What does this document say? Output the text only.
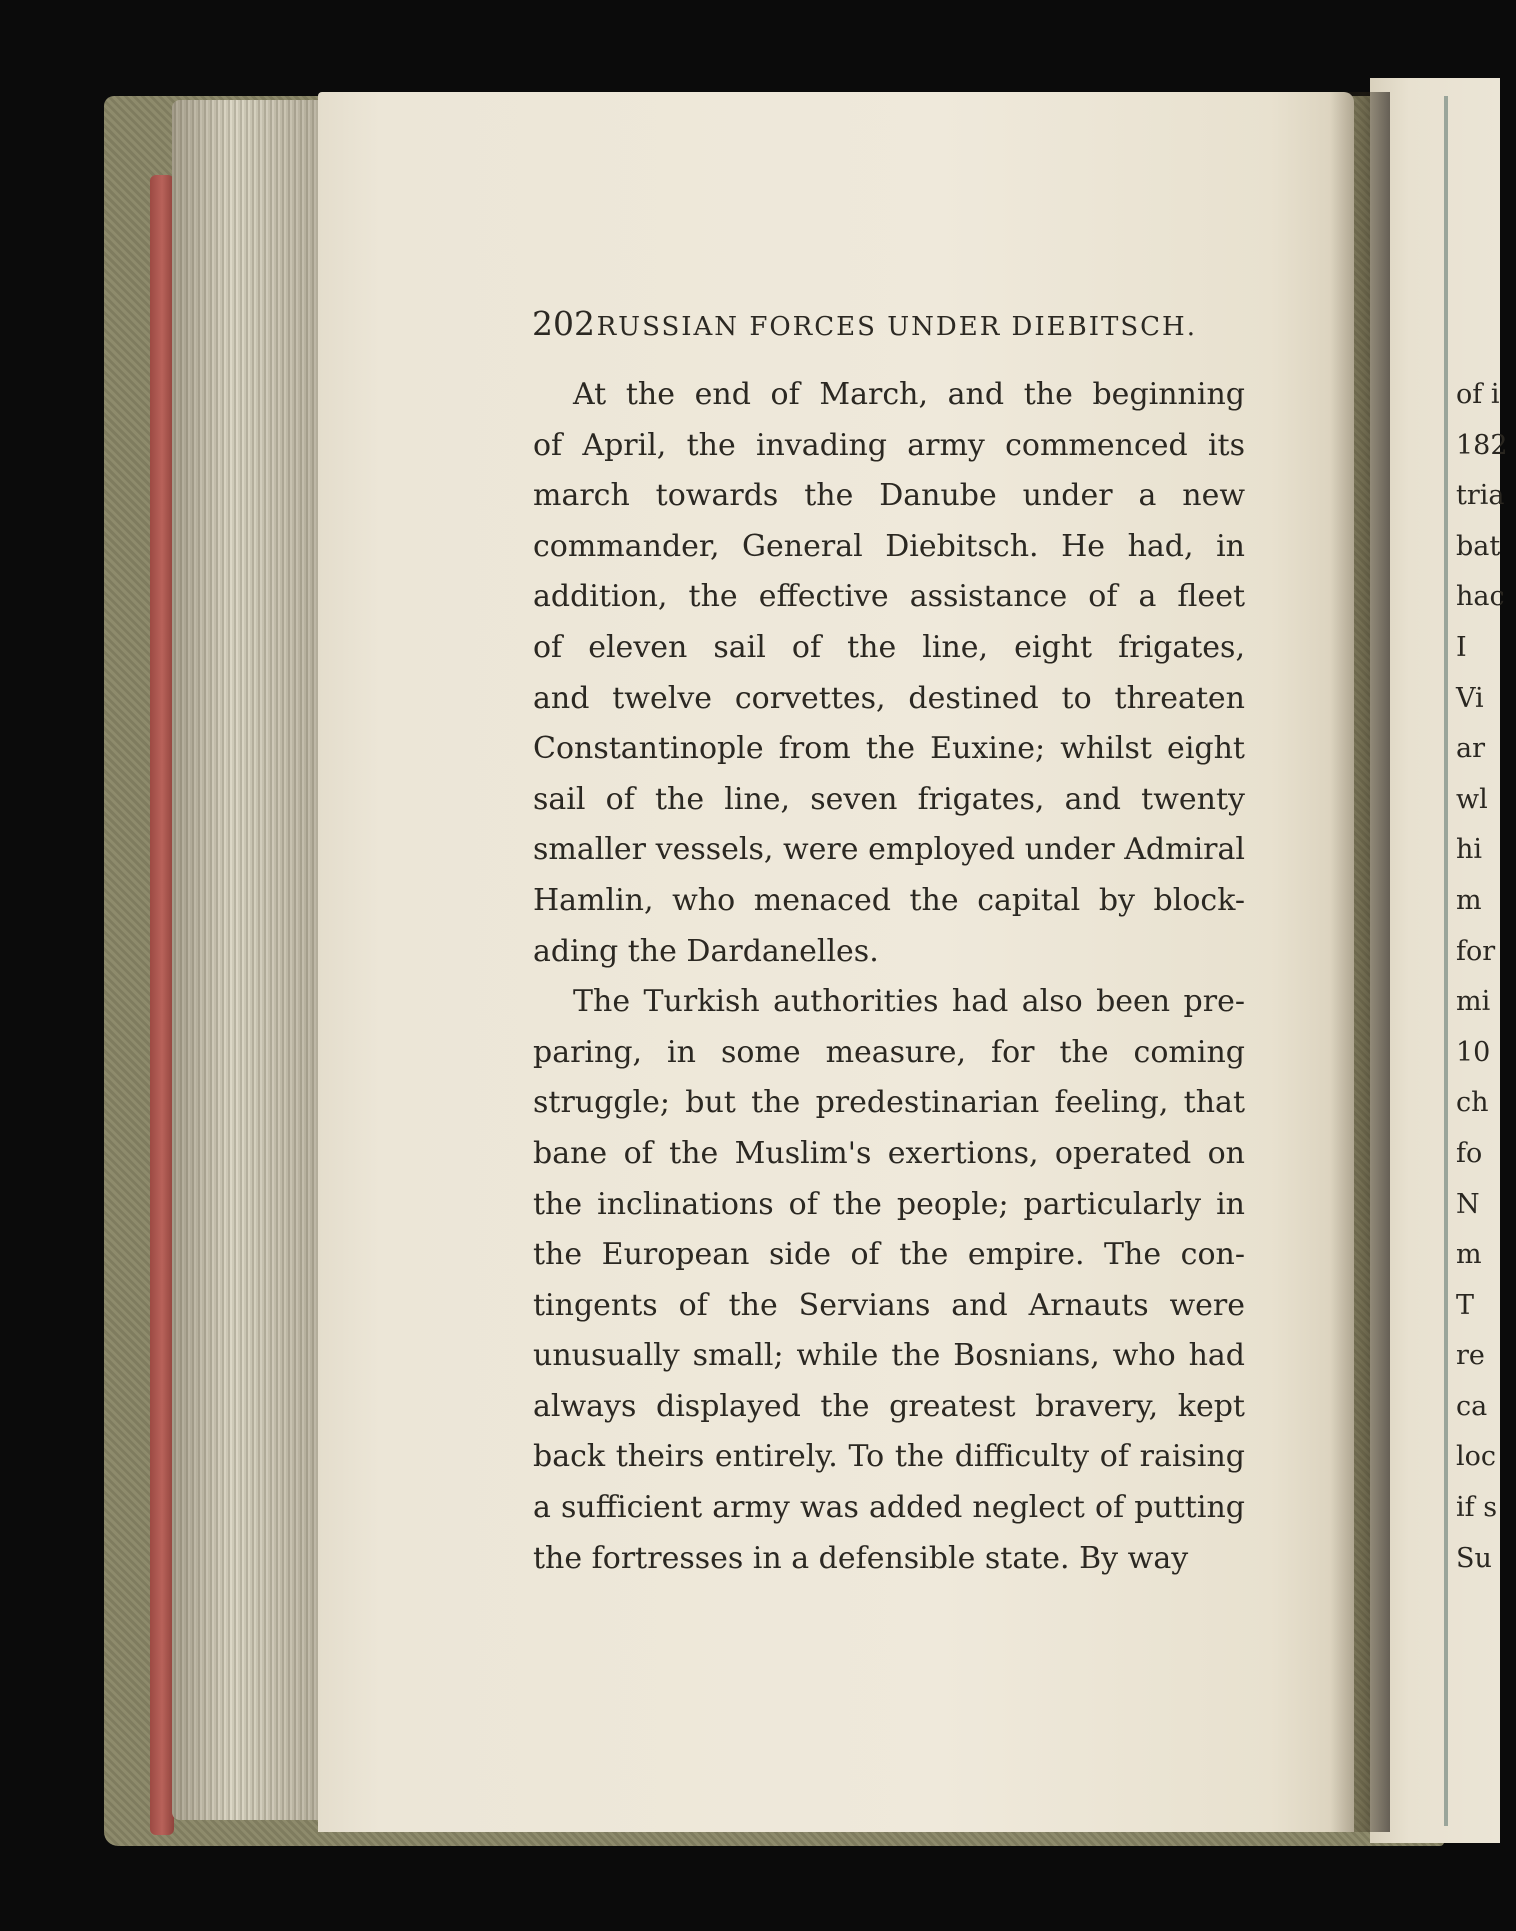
of i
182
tria
bat
hac
I
Vi
ar
wl
hi
m
for
mi
10
ch
fo
N
m
T
re
ca
loc
if s
Su
202 RUSSIAN FORCES UNDER DIEBITSCH.
At the end of March, and the beginning
of April, the invading army commenced its
march towards the Danube under a new
commander, General Diebitsch. He had, in
addition, the effective assistance of a fleet
of eleven sail of the line, eight frigates,
and twelve corvettes, destined to threaten
Constantinople from the Euxine; whilst eight
sail of the line, seven frigates, and twenty
smaller vessels, were employed under Admiral
Hamlin, who menaced the capital by block-
ading the Dardanelles.
The Turkish authorities had also been pre-
paring, in some measure, for the coming
struggle; but the predestinarian feeling, that
bane of the Muslim's exertions, operated on
the inclinations of the people; particularly in
the European side of the empire. The con-
tingents of the Servians and Arnauts were
unusually small; while the Bosnians, who had
always displayed the greatest bravery, kept
back theirs entirely. To the difficulty of raising
a sufficient army was added neglect of putting
the fortresses in a defensible state. By way
